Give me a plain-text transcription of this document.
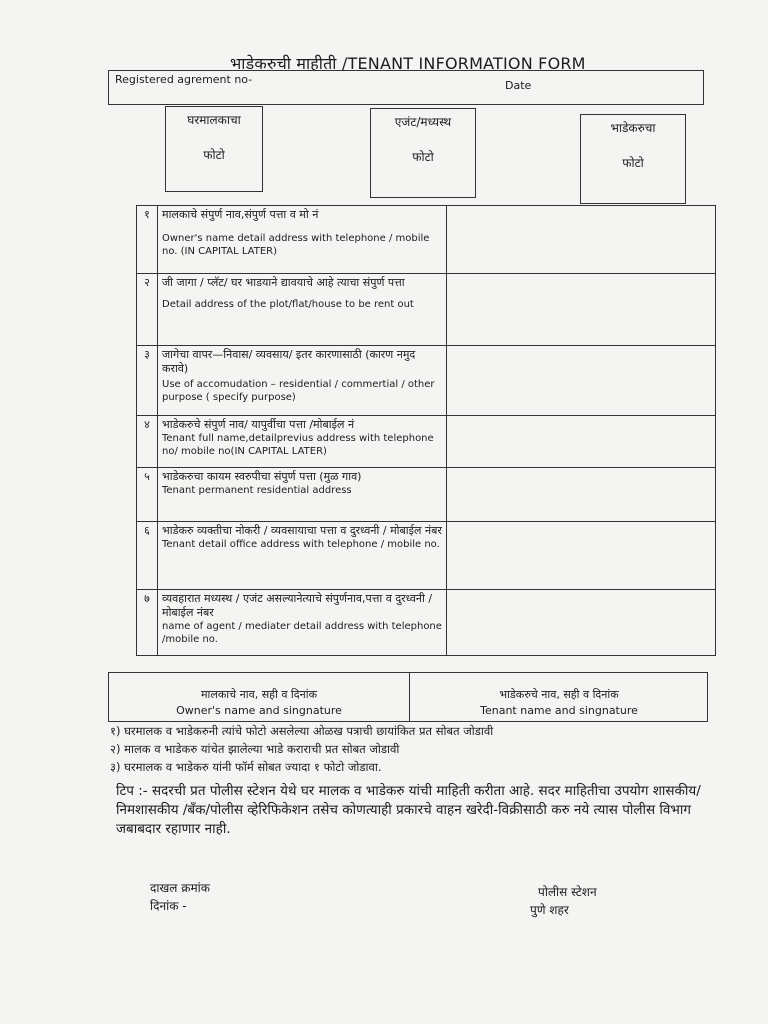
भाडेकरुची माहीती /TENANT INFORMATION FORM
Registered agrement no-	Date
घरमालकाचा
फोटो
एजंट/मध्यस्थ
फोटो
भाडेकरुचा
फोटो
१	मालकाचे संपुर्ण नाव,संपुर्ण पत्ता व मो नं
Owner's name detail address with telephone / mobile no. (IN CAPITAL LATER)	

२	जी जागा / प्लॅट/ घर भाडयाने द्यावयाचे आहे त्याचा संपुर्ण पत्ता
Detail address of the plot/flat/house to be rent out	

३	जागेचा वापर—निवास/ व्यवसाय/ इतर कारणासाठी (कारण नमुद करावे)
Use of accomudation – residential / commertial / other purpose ( specify purpose)	

४	भाडेकरुचे संपुर्ण नाव/ यापुर्वीचा पत्ता /मोबाईल नं
Tenant full name,detailprevius address with telephone no/ mobile no(IN CAPITAL LATER)	

५	भाडेकरुचा कायम स्वरुपीचा संपुर्ण पत्ता (मुळ गाव)
Tenant permanent residential address	

६	भाडेकरु व्यक्तीचा नोकरी / व्यवसायाचा पत्ता व दुरध्वनी / मोबाईल नंबर
Tenant detail office address with telephone / mobile no.	

७	व्यवहारात मध्यस्थ / एजंट असल्यानेत्याचे संपुर्णनाव,पत्ता व दुरध्वनी / मोबाईल नंबर
name of agent / mediater detail address with telephone /mobile no.	

मालकाचे नाव, सही व दिनांक
Owner's name and singnature
भाडेकरुचे नाव, सही व दिनांक
Tenant name and singnature
१) घरमालक व भाडेकरुनी त्यांचे फोटो असलेल्या ओळख पत्राची छायांकित प्रत सोबत जोडावी
२) मालक व भाडेकरु यांचेत झालेल्या भाडे कराराची प्रत सोबत जोडावी
३) घरमालक व भाडेकरु यांनी फॉर्म सोबत ज्यादा १ फोटो जोडावा.
टिप :- सदरची प्रत पोलीस स्टेशन येथे घर मालक व भाडेकरु यांची माहिती करीता आहे. सदर माहितीचा उपयोग शासकीय/निमशासकीय /बॅंक/पोलीस व्हेरिफिकेशन तसेच कोणत्याही प्रकारचे वाहन खरेदी-विक्रीसाठी करु नये त्यास पोलीस विभाग जबाबदार रहाणार नाही.
दाखल क्रमांक
दिनांक -
पोलीस स्टेशन
पुणे शहर
